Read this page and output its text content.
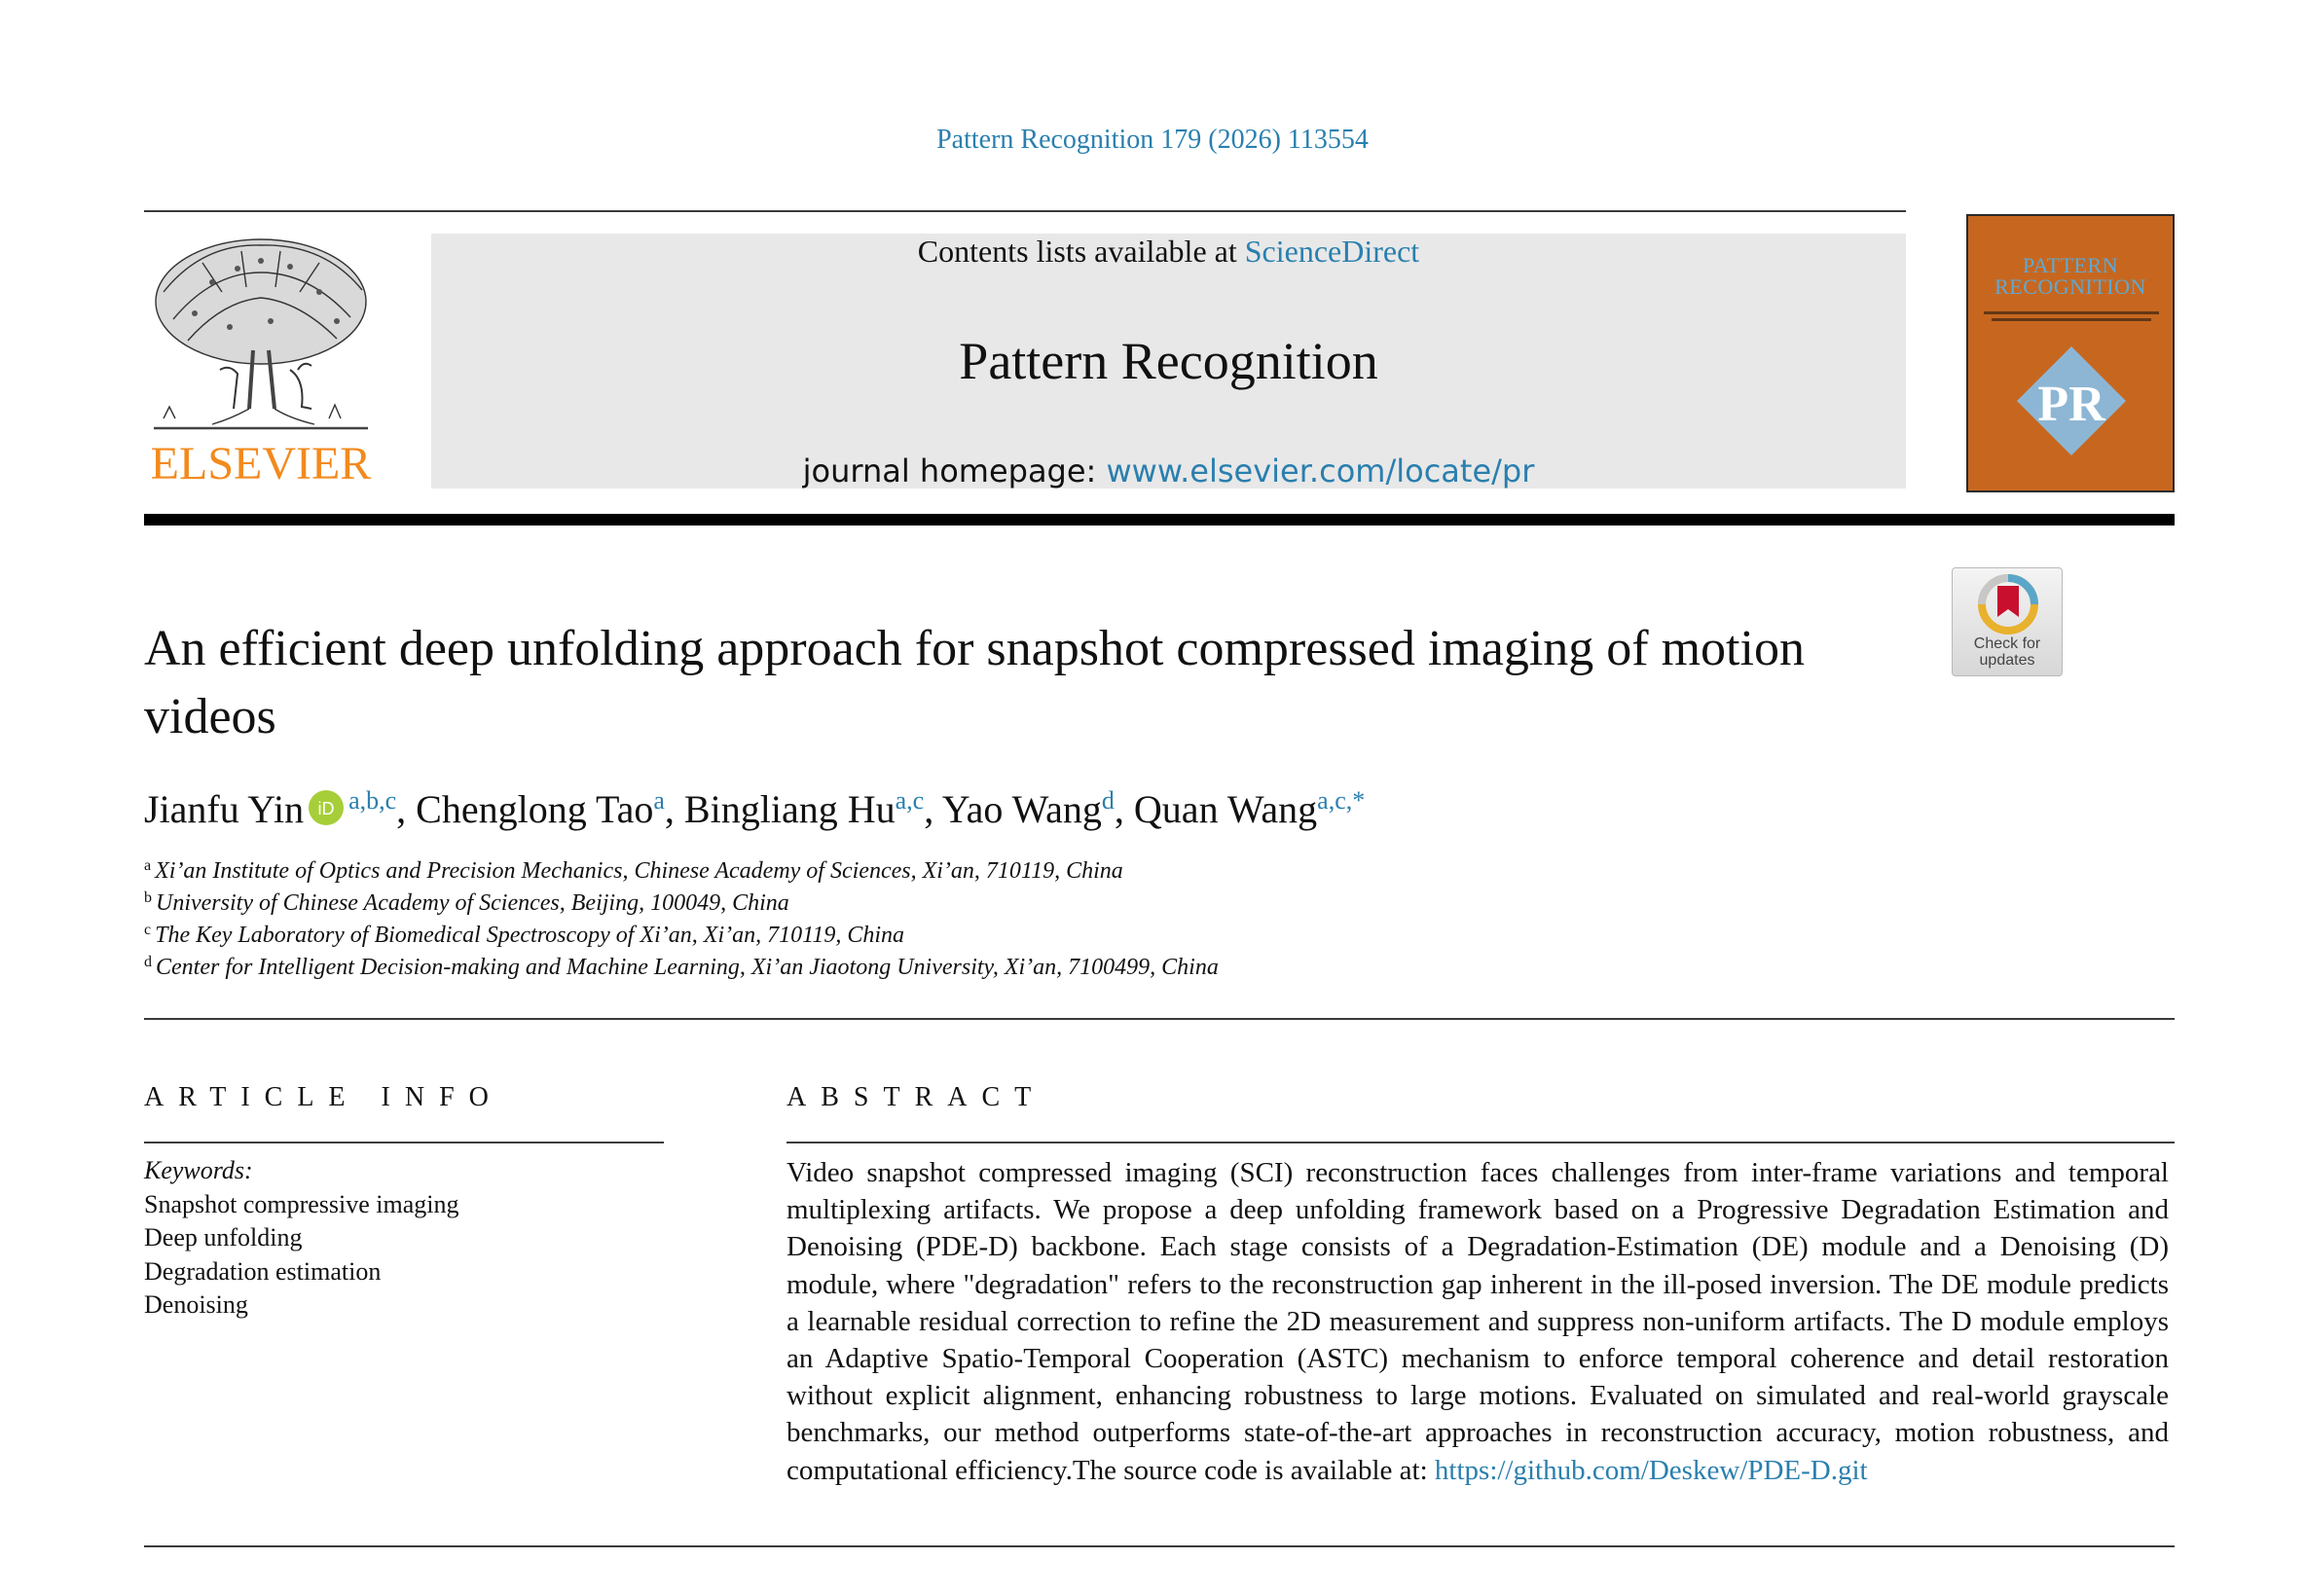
Pattern Recognition 179 (2026) 113554
ELSEVIER
Contents lists available at ScienceDirect
Pattern Recognition
journal homepage: www.elsevier.com/locate/pr
PATTERN RECOGNITION
PR
Check for updates
An efficient deep unfolding approach for snapshot compressed imaging of motion videos
Jianfu Yin iD $^{a,b,c}$, Chenglong Tao$^a$, Bingliang Hu$^{a,c}$, Yao Wang$^d$, Quan Wang$^{a,c,*}$
$^a$ Xi’an Institute of Optics and Precision Mechanics, Chinese Academy of Sciences, Xi’an, 710119, China
$^b$ University of Chinese Academy of Sciences, Beijing, 100049, China
$^c$ The Key Laboratory of Biomedical Spectroscopy of Xi’an, Xi’an, 710119, China
$^d$ Center for Intelligent Decision-making and Machine Learning, Xi’an Jiaotong University, Xi’an, 7100499, China
ARTICLE INFO
Keywords:
Snapshot compressive imaging
Deep unfolding
Degradation estimation
Denoising
ABSTRACT
Video snapshot compressed imaging (SCI) reconstruction faces challenges from inter-frame variations and temporal multiplexing artifacts. We propose a deep unfolding framework based on a Progressive Degradation Estimation and Denoising (PDE-D) backbone. Each stage consists of a Degradation-Estimation (DE) module and a Denoising (D) module, where "degradation" refers to the reconstruction gap inherent in the ill-posed inversion. The DE module predicts a learnable residual correction to refine the 2D measurement and suppress non-uniform artifacts. The D module employs an Adaptive Spatio-Temporal Cooperation (ASTC) mechanism to enforce temporal coherence and detail restoration without explicit alignment, enhancing robustness to large motions. Evaluated on simulated and real-world grayscale benchmarks, our method outperforms state-of-the-art approaches in reconstruction accuracy, motion robustness, and computational efficiency.The source code is available at: https://github.com/Deskew/PDE-D.git
